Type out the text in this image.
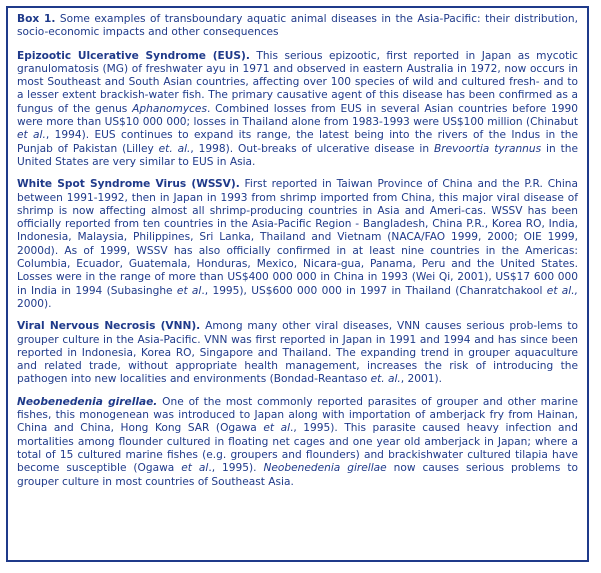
Box 1. Some examples of transboundary aquatic animal diseases in the Asia-Pacific: their distribution, socio-economic impacts and other consequences

Epizootic Ulcerative Syndrome (EUS). This serious epizootic, first reported in Japan as mycotic granulomatosis (MG) of freshwater ayu in 1971 and observed in eastern Australia in 1972, now occurs in most Southeast and South Asian countries, affecting over 100 species of wild and cultured fresh- and to a lesser extent brackish-water fish. The primary causative agent of this disease has been confirmed as a fungus of the genus Aphanomyces. Combined losses from EUS in several Asian countries before 1990 were more than US$10 000 000; losses in Thailand alone from 1983-1993 were US$100 million (Chinabut et al., 1994). EUS continues to expand its range, the latest being into the rivers of the Indus in the Punjab of Pakistan (Lilley et. al., 1998). Out-breaks of ulcerative disease in Brevoortia tyrannus in the United States are very similar to EUS in Asia.

White Spot Syndrome Virus (WSSV). First reported in Taiwan Province of China and the P.R. China between 1991-1992, then in Japan in 1993 from shrimp imported from China, this major viral disease of shrimp is now affecting almost all shrimp-producing countries in Asia and Ameri-cas. WSSV has been officially reported from ten countries in the Asia-Pacific Region - Bangladesh, China P.R., Korea RO, India, Indonesia, Malaysia, Philippines, Sri Lanka, Thailand and Vietnam (NACA/FAO 1999, 2000; OIE 1999, 2000d). As of 1999, WSSV has also officially confirmed in at least nine countries in the Americas: Columbia, Ecuador, Guatemala, Honduras, Mexico, Nicara-gua, Panama, Peru and the United States. Losses were in the range of more than US$400 000 000 in China in 1993 (Wei Qi, 2001), US$17 600 000 in India in 1994 (Subasinghe et al., 1995), US$600 000 000 in 1997 in Thailand (Chanratchakool et al., 2000).

Viral Nervous Necrosis (VNN). Among many other viral diseases, VNN causes serious prob-lems to grouper culture in the Asia-Pacific. VNN was first reported in Japan in 1991 and 1994 and has since been reported in Indonesia, Korea RO, Singapore and Thailand. The expanding trend in grouper aquaculture and related trade, without appropriate health management, increases the risk of introducing the pathogen into new localities and environments (Bondad-Reantaso et. al., 2001).

Neobenedenia girellae. One of the most commonly reported parasites of grouper and other marine fishes, this monogenean was introduced to Japan along with importation of amberjack fry from Hainan, China and China, Hong Kong SAR (Ogawa et al., 1995). This parasite caused heavy infection and mortalities among flounder cultured in floating net cages and one year old amberjack in Japan; where a total of 15 cultured marine fishes (e.g. groupers and flounders) and brackishwater cultured tilapia have become susceptible (Ogawa et al., 1995). Neobenedenia girellae now causes serious problems to grouper culture in most countries of Southeast Asia.
